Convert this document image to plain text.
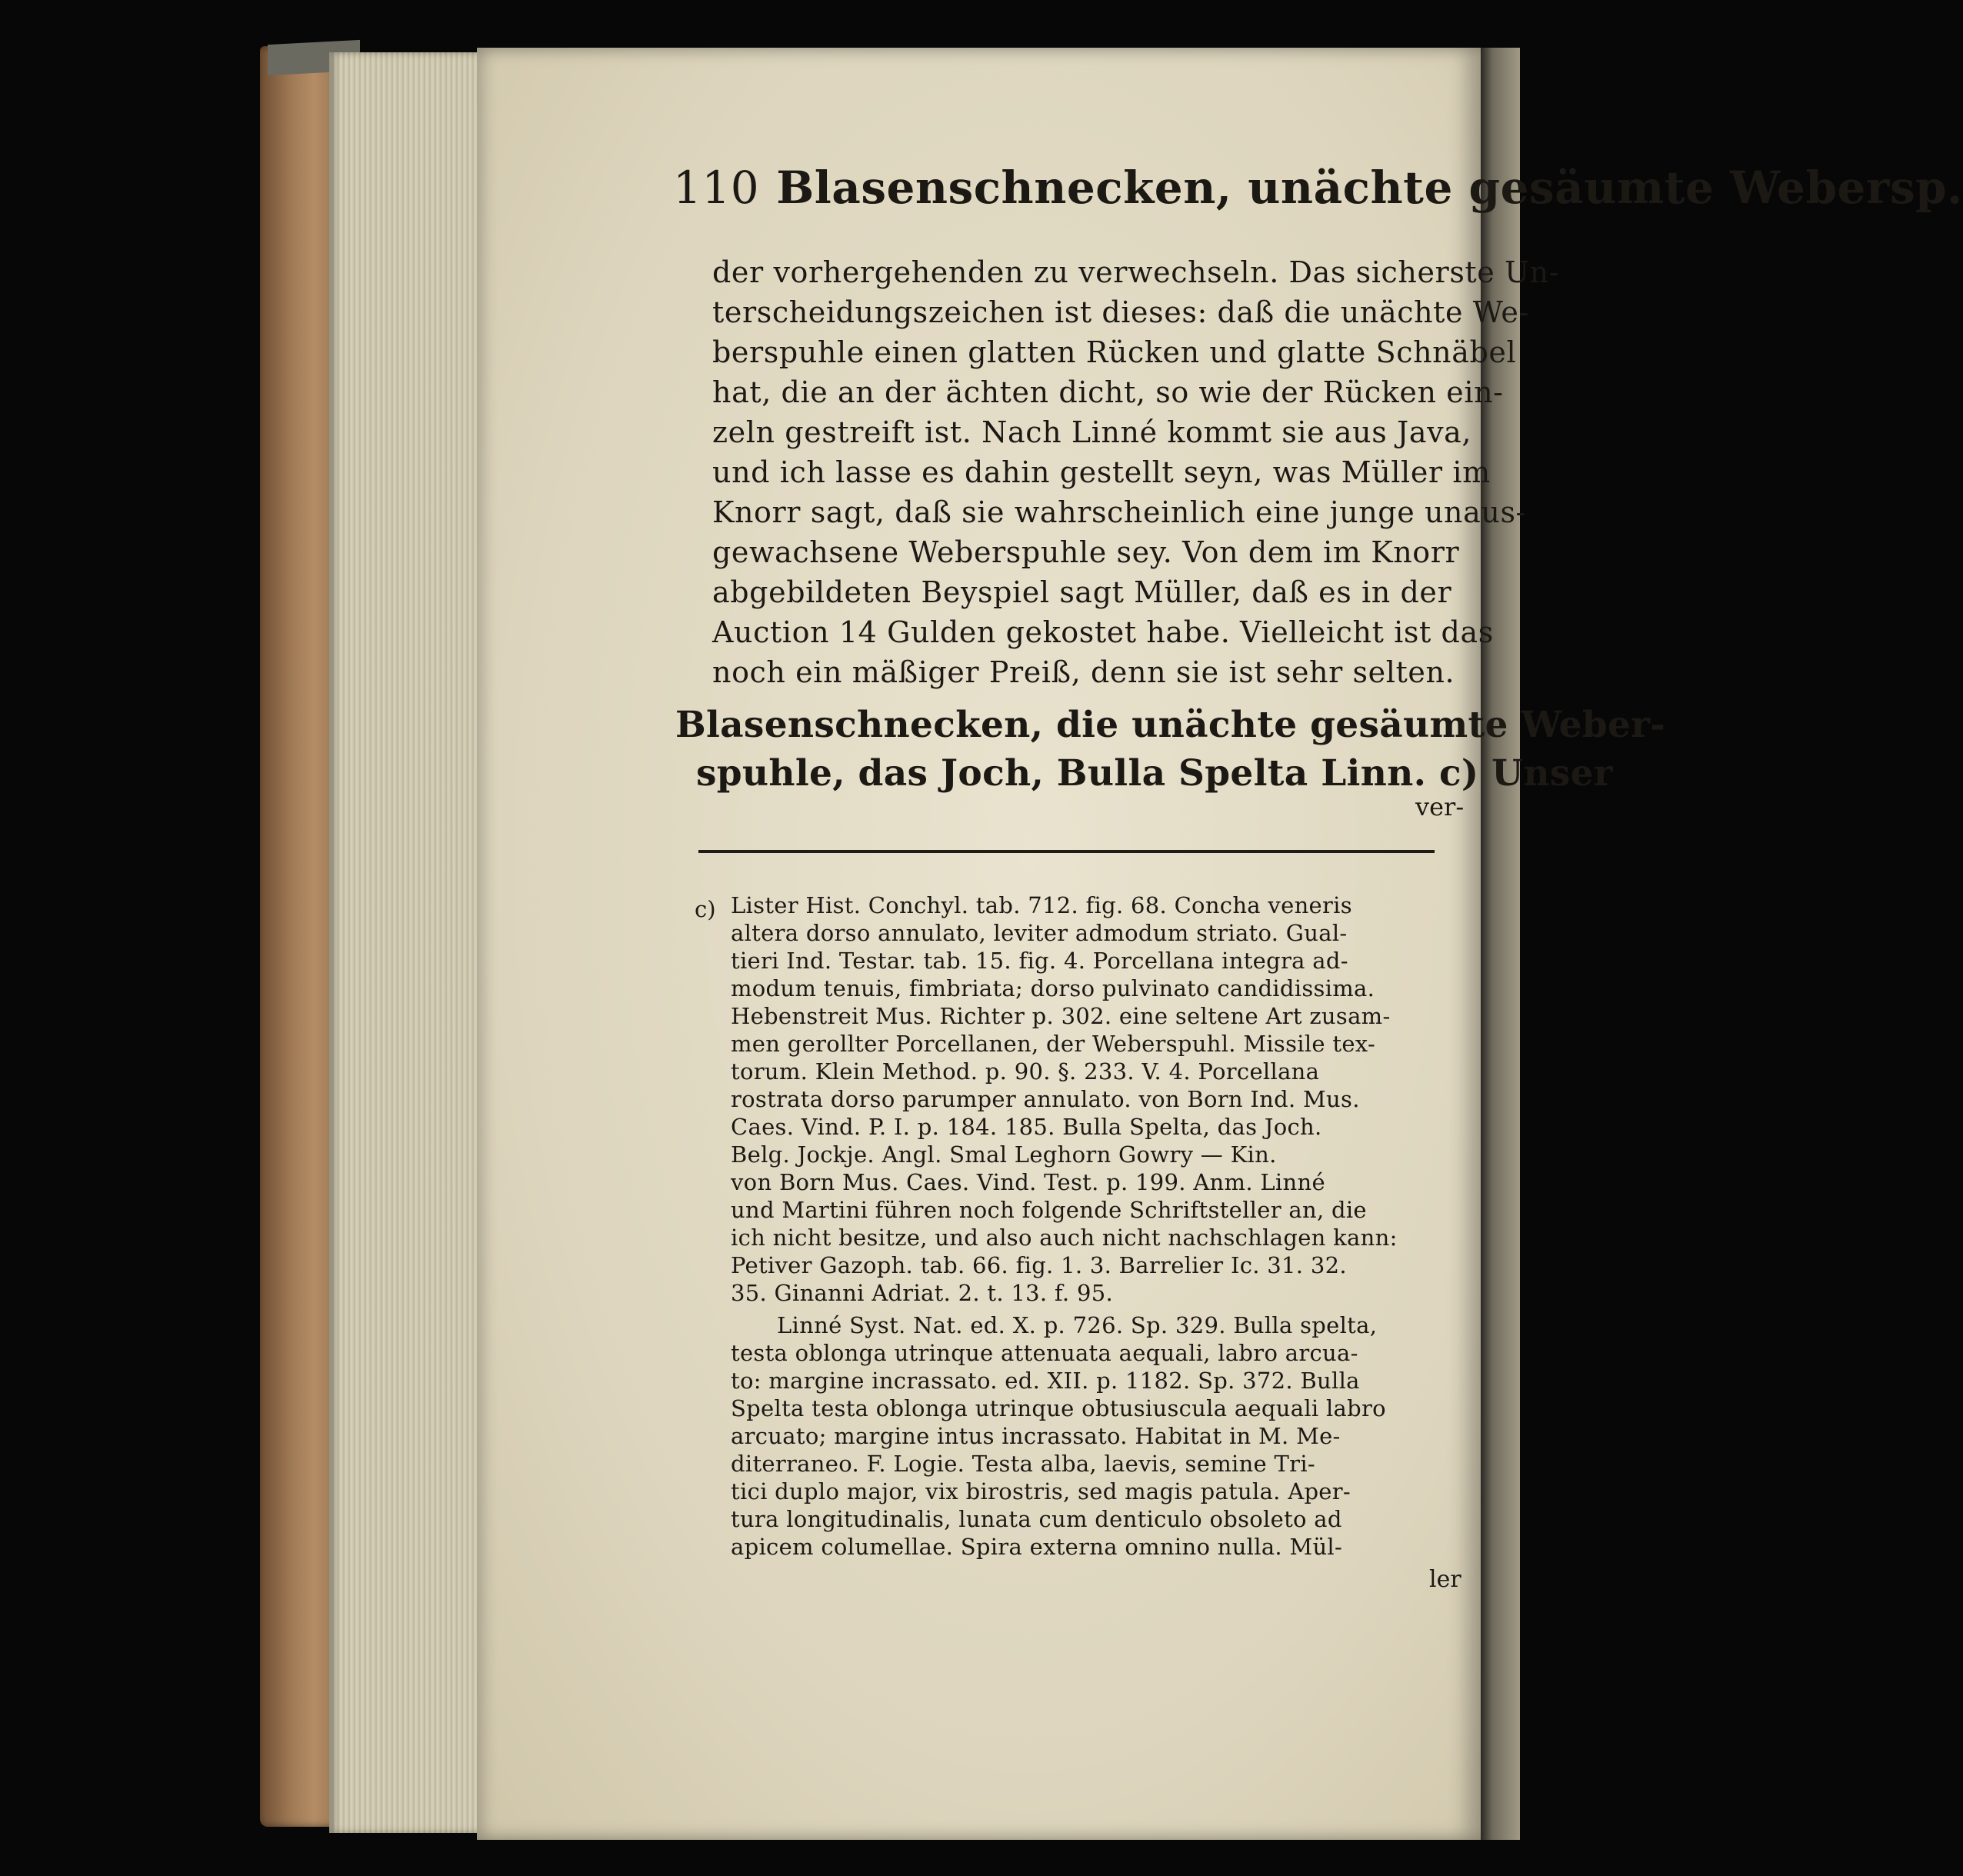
110 Blasenschnecken, unächte gesäumte Webersp.
der vorhergehenden zu verwechseln. Das sicherste Un-
terscheidungszeichen ist dieses: daß die unächte We-
berspuhle einen glatten Rücken und glatte Schnäbel
hat, die an der ächten dicht, so wie der Rücken ein-
zeln gestreift ist. Nach Linné kommt sie aus Java,
und ich lasse es dahin gestellt seyn, was Müller im
Knorr sagt, daß sie wahrscheinlich eine junge unaus-
gewachsene Weberspuhle sey. Von dem im Knorr
abgebildeten Beyspiel sagt Müller, daß es in der
Auction 14 Gulden gekostet habe. Vielleicht ist das
noch ein mäßiger Preiß, denn sie ist sehr selten.
Blasenschnecken, die unächte gesäumte Weber-
spuhle, das Joch, Bulla Spelta Linn. c) Unser
ver-
c) Lister Hist. Conchyl. tab. 712. fig. 68. Concha veneris
altera dorso annulato, leviter admodum striato. Gual-
tieri Ind. Testar. tab. 15. fig. 4. Porcellana integra ad-
modum tenuis, fimbriata; dorso pulvinato candidissima.
Hebenstreit Mus. Richter p. 302. eine seltene Art zusam-
men gerollter Porcellanen, der Weberspuhl. Missile tex-
torum. Klein Method. p. 90. §. 233. V. 4. Porcellana
rostrata dorso parumper annulato. von Born Ind. Mus.
Caes. Vind. P. I. p. 184. 185. Bulla Spelta, das Joch.
Belg. Jockje. Angl. Smal Leghorn Gowry — Kin.
von Born Mus. Caes. Vind. Test. p. 199. Anm. Linné
und Martini führen noch folgende Schriftsteller an, die
ich nicht besitze, und also auch nicht nachschlagen kann:
Petiver Gazoph. tab. 66. fig. 1. 3. Barrelier Ic. 31. 32.
35. Ginanni Adriat. 2. t. 13. f. 95.
Linné Syst. Nat. ed. X. p. 726. Sp. 329. Bulla spelta,
testa oblonga utrinque attenuata aequali, labro arcua-
to: margine incrassato. ed. XII. p. 1182. Sp. 372. Bulla
Spelta testa oblonga utrinque obtusiuscula aequali labro
arcuato; margine intus incrassato. Habitat in M. Me-
diterraneo. F. Logie. Testa alba, laevis, semine Tri-
tici duplo major, vix birostris, sed magis patula. Aper-
tura longitudinalis, lunata cum denticulo obsoleto ad
apicem columellae. Spira externa omnino nulla. Mül-
ler
